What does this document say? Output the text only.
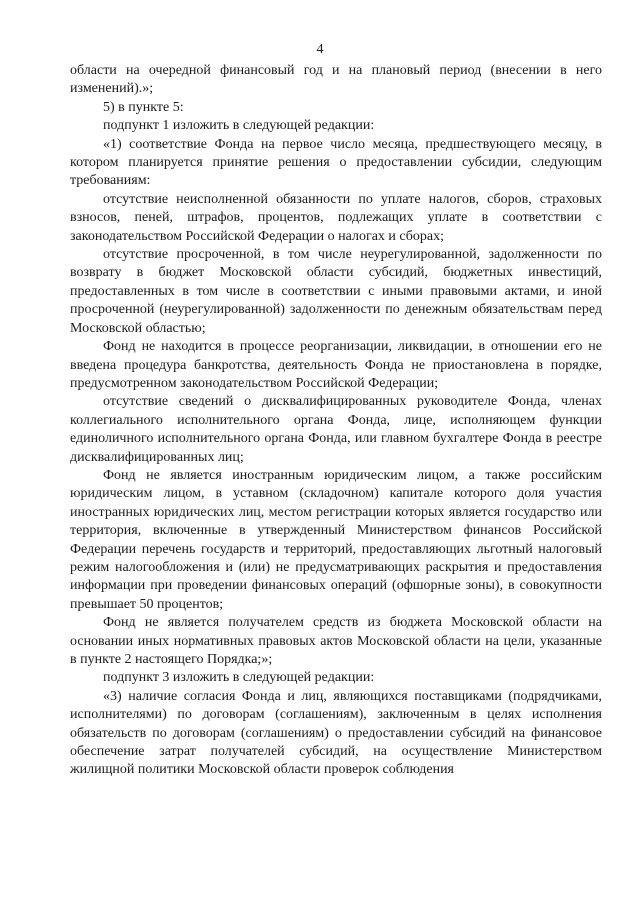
4

области на очередной финансовый год и на плановый период (внесении в него изменений).»;

5) в пункте 5:

подпункт 1 изложить в следующей редакции:

«1) соответствие Фонда на первое число месяца, предшествующего месяцу, в котором планируется принятие решения о предоставлении субсидии, следующим требованиям:

отсутствие неисполненной обязанности по уплате налогов, сборов, страховых взносов, пеней, штрафов, процентов, подлежащих уплате в соответствии с законодательством Российской Федерации о налогах и сборах;

отсутствие просроченной, в том числе неурегулированной, задолженности по возврату в бюджет Московской области субсидий, бюджетных инвестиций, предоставленных в том числе в соответствии с иными правовыми актами, и иной просроченной (неурегулированной) задолженности по денежным обязательствам перед Московской областью;

Фонд не находится в процессе реорганизации, ликвидации, в отношении его не введена процедура банкротства, деятельность Фонда не приостановлена в порядке, предусмотренном законодательством Российской Федерации;

отсутствие сведений о дисквалифицированных руководителе Фонда, членах коллегиального исполнительного органа Фонда, лице, исполняющем функции единоличного исполнительного органа Фонда, или главном бухгалтере Фонда в реестре дисквалифицированных лиц;

Фонд не является иностранным юридическим лицом, а также российским юридическим лицом, в уставном (складочном) капитале которого доля участия иностранных юридических лиц, местом регистрации которых является государство или территория, включенные в утвержденный Министерством финансов Российской Федерации перечень государств и территорий, предоставляющих льготный налоговый режим налогообложения и (или) не предусматривающих раскрытия и предоставления информации при проведении финансовых операций (офшорные зоны), в совокупности превышает 50 процентов;

Фонд не является получателем средств из бюджета Московской области на основании иных нормативных правовых актов Московской области на цели, указанные в пункте 2 настоящего Порядка;»;

подпункт 3 изложить в следующей редакции:

«3) наличие согласия Фонда и лиц, являющихся поставщиками (подрядчиками, исполнителями) по договорам (соглашениям), заключенным в целях исполнения обязательств по договорам (соглашениям) о предоставлении субсидий на финансовое обеспечение затрат получателей субсидий, на осуществление Министерством жилищной политики Московской области проверок соблюдения
